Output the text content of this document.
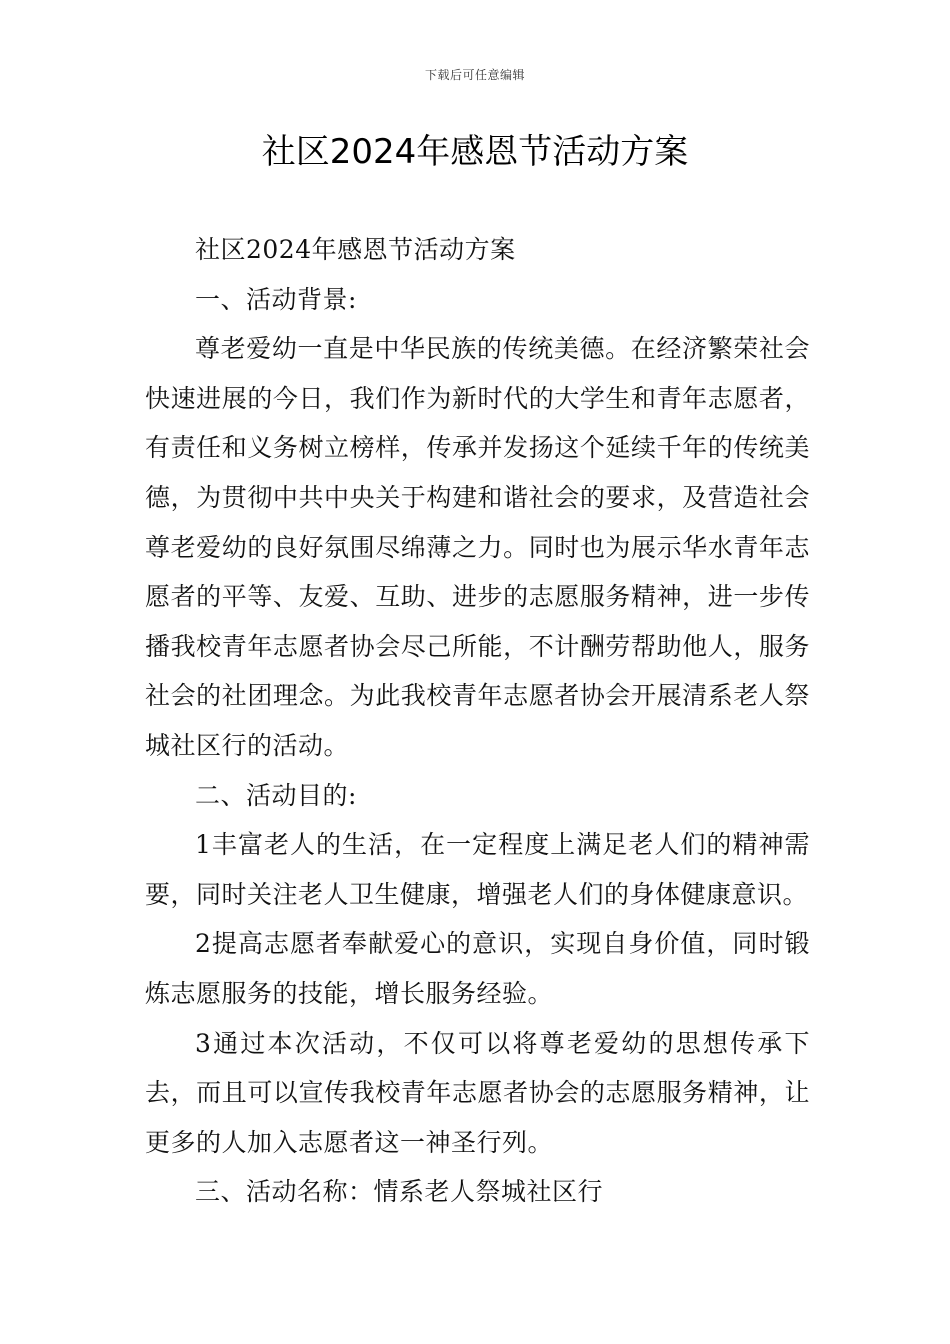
下载后可任意编辑
社区2024年感恩节活动方案

社区2024年感恩节活动方案

一、活动背景:

尊老爱幼一直是中华民族的传统美德。在经济繁荣社会快速进展的今日，我们作为新时代的大学生和青年志愿者，有责任和义务树立榜样，传承并发扬这个延续千年的传统美德，为贯彻中共中央关于构建和谐社会的要求，及营造社会尊老爱幼的良好氛围尽绵薄之力。同时也为展示华水青年志愿者的平等、友爱、互助、进步的志愿服务精神，进一步传播我校青年志愿者协会尽己所能，不计酬劳帮助他人，服务社会的社团理念。为此我校青年志愿者协会开展清系老人祭城社区行的活动。

二、活动目的:

1丰富老人的生活，在一定程度上满足老人们的精神需要，同时关注老人卫生健康，增强老人们的身体健康意识。

2提高志愿者奉献爱心的意识，实现自身价值，同时锻炼志愿服务的技能，增长服务经验。

3通过本次活动，不仅可以将尊老爱幼的思想传承下去，而且可以宣传我校青年志愿者协会的志愿服务精神，让更多的人加入志愿者这一神圣行列。

三、活动名称：情系老人祭城社区行
